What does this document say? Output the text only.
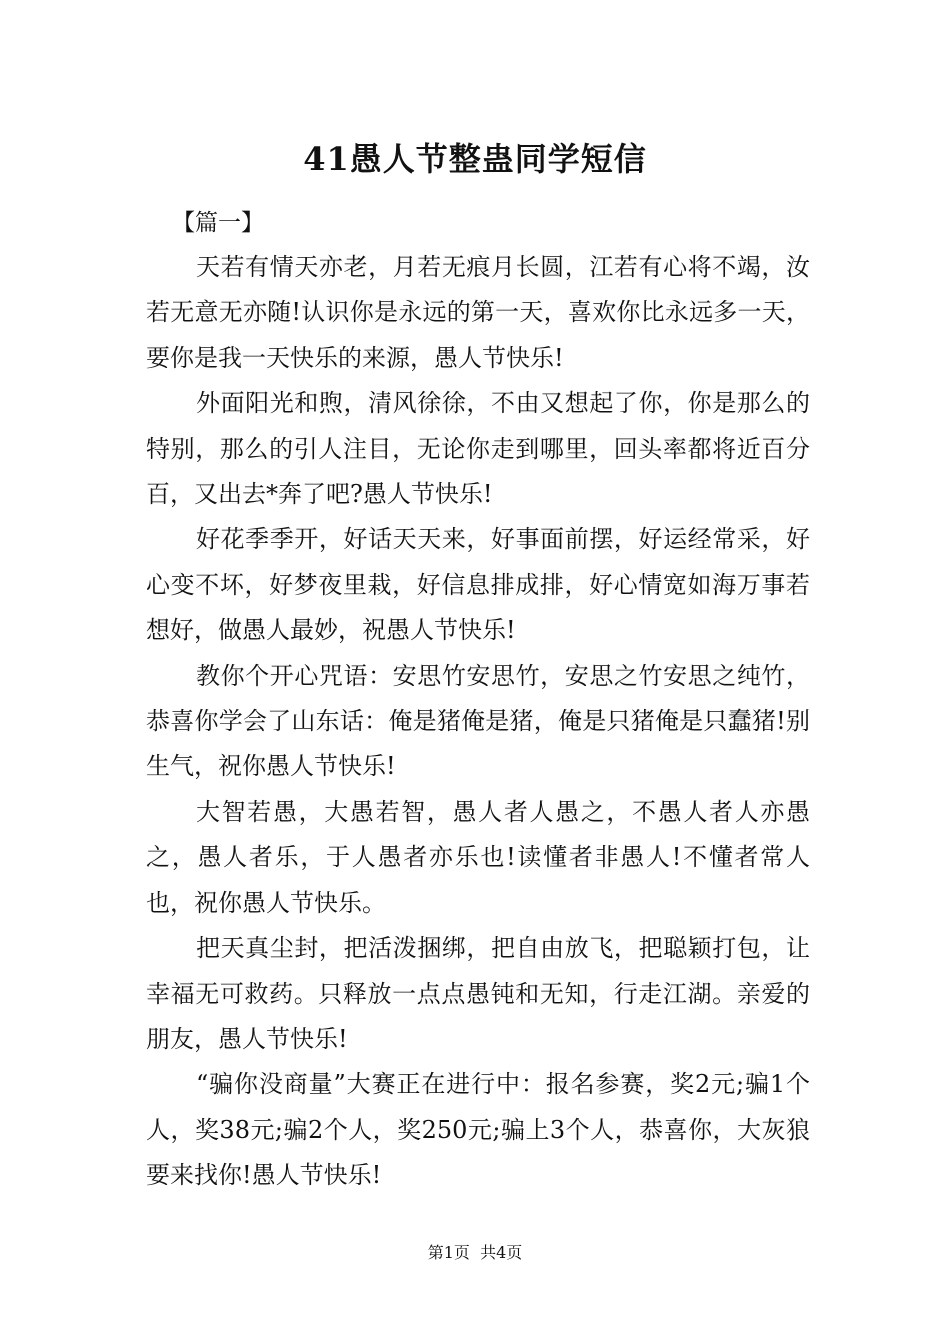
41愚人节整蛊同学短信
【篇一】

天若有情天亦老，月若无痕月长圆，江若有心将不竭，汝若无意无亦随!认识你是永远的第一天，喜欢你比永远多一天，要你是我一天快乐的来源，愚人节快乐!

外面阳光和煦，清风徐徐，不由又想起了你，你是那么的特别，那么的引人注目，无论你走到哪里，回头率都将近百分百，又出去*奔了吧?愚人节快乐!

好花季季开，好话天天来，好事面前摆，好运经常采，好心变不坏，好梦夜里栽，好信息排成排，好心情宽如海万事若想好，做愚人最妙，祝愚人节快乐!

教你个开心咒语：安思竹安思竹，安思之竹安思之纯竹，恭喜你学会了山东话：俺是猪俺是猪，俺是只猪俺是只蠢猪!别生气，祝你愚人节快乐!

大智若愚，大愚若智，愚人者人愚之，不愚人者人亦愚之，愚人者乐，于人愚者亦乐也!读懂者非愚人!不懂者常人也，祝你愚人节快乐。

把天真尘封，把活泼捆绑，把自由放飞，把聪颖打包，让幸福无可救药。只释放一点点愚钝和无知，行走江湖。亲爱的朋友，愚人节快乐!

“骗你没商量”大赛正在进行中：报名参赛，奖2元;骗1个人，奖38元;骗2个人，奖250元;骗上3个人，恭喜你，大灰狼要来找你!愚人节快乐!

第1页 共4页
